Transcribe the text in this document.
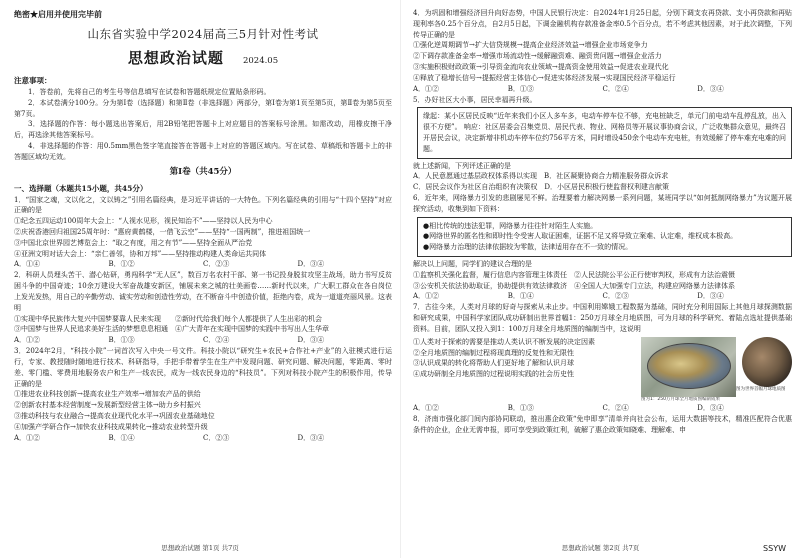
绝密★启用并使用完毕前
山东省实验中学2024届高三5月针对性考试
思想政治试题 2024.05
注意事项：
1．答卷前，先将自己的考生号等信息填写在试卷和答题纸规定位置贴条形码。
2．本试卷满分100分。分为第Ⅰ卷（选择题）和第Ⅱ卷（非选择题）两部分，第Ⅰ卷为第1页至第5页，第Ⅱ卷为第5页至第7页。
3．选择题的作答：每小题选出答案后，用2B铅笔把答题卡上对应题目的答案标号涂黑。如需改动，用橡皮擦干净后，再选涂其他答案标号。
4．非选择题的作答：用0.5mm黑色签字笔直接答在答题卡上对应的答题区域内。写在试卷、草稿纸和答题卡上的非答题区域均无效。
第Ⅰ卷（共45分）
一、选择题（本题共15小题，共45分）
1．“国家之魂，文以化之，文以铸之”引用名篇经典，是习近平讲话的一大特色。下列名篇经典的引用与“十四个坚持”对应正确的是
①纪念五四运动100周年大会上：“人视水见形，视民知治不”——坚持以人民为中心
②庆祝香港回归祖国25周年时：“惠府黄鹤楼，一借飞云空”——坚持“一国两制”，推进祖国统一
③中国北京世界园艺博览会上：“取之有度，用之有节”——坚持全面从严治党
④亚洲文明对话大会上：“亲仁善邻，协和万邦”——坚持推动构建人类命运共同体
A．①④	B．①②	C．②③	D．③④
2．科研人员埋头苦干、潜心钻研，勇闯科学“无人区”，数百万名农村干部、第一书记投身脱贫攻坚主战场，助力书写反贫困斗争的中国奇迹；10余万建设大军奋战雄安新区，铺展未来之城的壮美画卷……新时代以来，广大职工群众在各自岗位上发光发热，用自己的辛勤劳动、诚实劳动和创造性劳动，在不断奋斗中创造价值，拒绝内卷，成为一道道亮丽风景。这表明
①实现中华民族伟大复兴中国梦要靠人民来实现　　②新时代给我们每个人都提供了人生出彩的机会
③中国梦与世界人民追求美好生活的梦想息息相通　④广大青年在实现中国梦的实践中书写出人生华章
A．①②	B．①③	C．②④	D．③④
3．2024年2月，“科技小院”一词首次写入中央一号文件。科技小院以“研究生+农民+合作社+产业”的入驻模式进行运行，专家、教授随时随地进行技术、科研指导，手把手带着学生在生产中发现问题、研究问题、解决问题，零距离、零时差、零门槛、零费用地服务农户和生产一线农民，成为一线农民身边的“科技员”。下列对科技小院产生的积极作用，传导正确的是
①推进农业科技创新→提高农业生产效率→增加农产品的供给
②创新农村基本经营制度→发展新型经营主体→助力乡村振兴
③推动科技与农业融合→提高农业现代化水平→巩固农业基础地位
④加强产学研合作→加快农业科技成果转化→推动农业转型升级
A．①②	B．①④	C．②③	D．③④
思想政治试题 第1页 共7页
4．为巩固和增强经济回升向好态势，中国人民银行决定：自2024年1月25日起，分别下调支农再贷款、支小再贷款和再贴现利率各0.25个百分点，自2月5日起，下调金融机构存款准备金率0.5个百分点，若不考虑其他因素，对于此次调整，下列传导正确的是
①强化逆周期调节→扩大信贷规模→提高企业经济效益→增强企业市场竞争力
②下调存款准备金率→增强市场流动性→缓解融资难、融资贵问题→增强企业活力
③实施积极财政政策→引导资金流向农业领域→提高资金使用效益→促进农业现代化
④释放了稳增长信号→提振经营主体信心→促进实体经济发展→实现国民经济平稳运行
A．①②	B．①③	C．②④	D．③④
5．办好社区大小事，居民幸福再升级。
缘起：某小区居民反映“近年来我们小区人多车多，电动车停车位不够，充电桩缺乏，单元门前电动车乱停乱放，出入很不方便”。 响应：社区居委会召集党员、居民代表、物业、网格员等开展议事协商会议，广泛收集群众意见，最终召开居民会议，决定新增非机动车停车位约756平方米，同时增设450余个电动车充电桩，有效缓解了停车难充电难的问题。
就上述新闻，下列评述正确的是
A．人民意愿通过基层政权体系得以实现　B．社区凝聚协商合力精准服务群众诉求
C．居民会议作为社区自治组织有决策权　D．小区居民积极行使监督权利建言献策
6．近年来，网络暴力引发的悲剧屡见不鲜。治理要着力解决网暴一系列问题，某班同学以“如何抵制网络暴力”为议题开展探究活动，收集到如下资料：
●相比传统的违法犯罪，网络暴力往往针对陌生人实施。
●网络世界的匿名性和即时性令受害人取证困难，证据不足又将导致立案难、认定难，维权成本极高。
●网络暴力治理的法律依据较为零散，法律适用存在不一致的情况。
解决以上问题，同学们的建议合理的是
①监察机关强化监督，履行信息内容管理主体责任　②人民法院公平公正行使审判权，形成有力法治震慑
③公安机关依法协助取证，协助提供有效法律救济　④全国人大加强专门立法，构建应网络暴力法律体系
A．①②	B．①④	C．②③	D．③④
7．古往今来，人类对月球的好奇与探索从未止步。中国利用嫦娥工程数据为基础，同时充分利用国际上其他月球探测数据和研究成果，中国科学家团队成功研制出世界首幅1：250万月球全月地质图，可为月球的科学研究、着陆点选址提供基础资料。目前，团队又投入到1：100万月球全月地质图的编制当中，这说明
①人类对于探索的需要是推动人类认识不断发展的决定因素
②全月地质图的编制过程将现真理的反复性和无限性
③认识成果的转化将帮助人们更好地了解和认识月球
④成功研制全月地质图的过程说明实践的社会历史性
图为1：250万月球全月地质图编制成果
图为世界首幅月球地质图
A．①②	B．①③	C．②④	D．③④
8．济南市强化部门间内部协同联动，推出惠企政策“免申即享”清单并向社会公布，运用大数据等技术，精准匹配符合优惠条件的企业，企业无需申报，即可享受到政策红利，破解了惠企政策知晓难、理解难、申
思想政治试题 第2页 共7页	SSYW
